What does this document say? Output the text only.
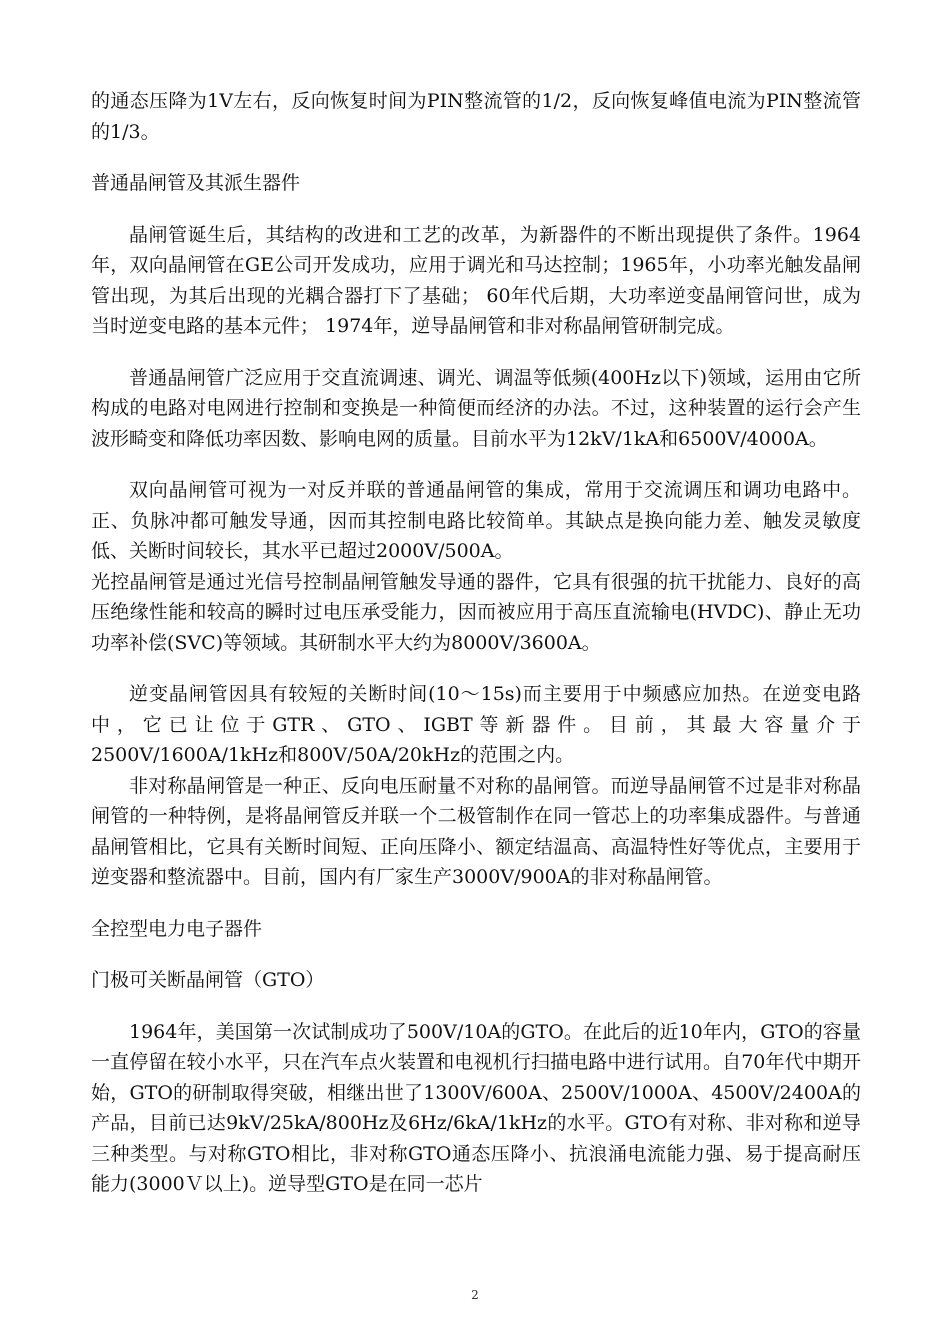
的通态压降为1V左右，反向恢复时间为PIN整流管的1/2，反向恢复峰值电流为PIN整流管的1/3。

普通晶闸管及其派生器件

晶闸管诞生后，其结构的改进和工艺的改革，为新器件的不断出现提供了条件。1964年，双向晶闸管在GE公司开发成功，应用于调光和马达控制；1965年，小功率光触发晶闸管出现，为其后出现的光耦合器打下了基础； 60年代后期，大功率逆变晶闸管问世，成为当时逆变电路的基本元件； 1974年，逆导晶闸管和非对称晶闸管研制完成。

普通晶闸管广泛应用于交直流调速、调光、调温等低频(400Hz以下)领域，运用由它所构成的电路对电网进行控制和变换是一种简便而经济的办法。不过，这种装置的运行会产生波形畸变和降低功率因数、影响电网的质量。目前水平为12kV/1kA和6500V/4000A。

双向晶闸管可视为一对反并联的普通晶闸管的集成，常用于交流调压和调功电路中。正、负脉冲都可触发导通，因而其控制电路比较简单。其缺点是换向能力差、触发灵敏度低、关断时间较长，其水平已超过2000V/500A。

光控晶闸管是通过光信号控制晶闸管触发导通的器件，它具有很强的抗干扰能力、良好的高压绝缘性能和较高的瞬时过电压承受能力，因而被应用于高压直流输电(HVDC)、静止无功功率补偿(SVC)等领域。其研制水平大约为8000V/3600A。

逆变晶闸管因具有较短的关断时间(10～15s)而主要用于中频感应加热。在逆变电路中，它已让位于GTR、GTO、IGBT等新器件。目前，其最大容量介于2500V/1600A/1kHz和800V/50A/20kHz的范围之内。

非对称晶闸管是一种正、反向电压耐量不对称的晶闸管。而逆导晶闸管不过是非对称晶闸管的一种特例，是将晶闸管反并联一个二极管制作在同一管芯上的功率集成器件。与普通晶闸管相比，它具有关断时间短、正向压降小、额定结温高、高温特性好等优点，主要用于逆变器和整流器中。目前，国内有厂家生产3000V/900A的非对称晶闸管。

全控型电力电子器件

门极可关断晶闸管（GTO）

1964年，美国第一次试制成功了500V/10A的GTO。在此后的近10年内，GTO的容量一直停留在较小水平，只在汽车点火装置和电视机行扫描电路中进行试用。自70年代中期开始，GTO的研制取得突破，相继出世了1300V/600A、2500V/1000A、4500V/2400A的产品，目前已达9kV/25kA/800Hz及6Hz/6kA/1kHz的水平。GTO有对称、非对称和逆导三种类型。与对称GTO相比，非对称GTO通态压降小、抗浪涌电流能力强、易于提高耐压能力(3000Ｖ以上)。逆导型GTO是在同一芯片

2
